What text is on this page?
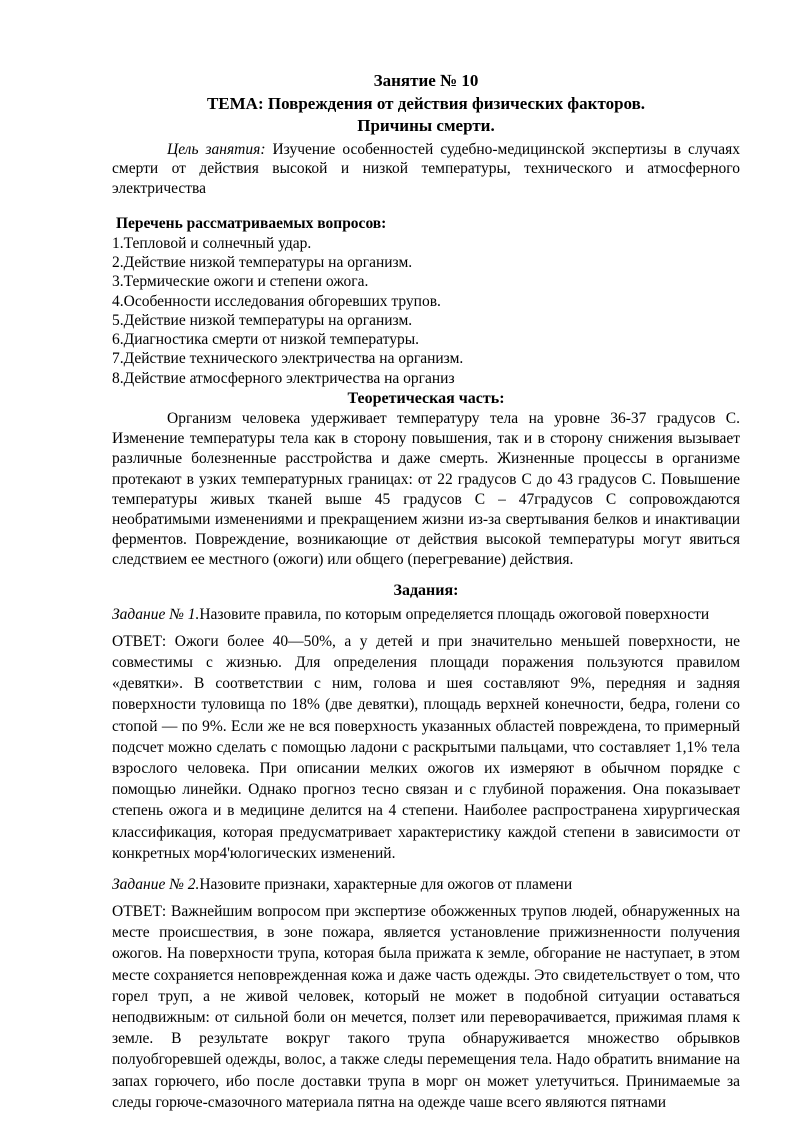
Занятие № 10
ТЕМА: Повреждения от действия физических факторов.
Причины смерти.

Цель занятия: Изучение особенностей судебно-медицинской экспертизы в случаях смерти от действия высокой и низкой температуры, технического и атмосферного электричества

Перечень рассматриваемых вопросов:
1.Тепловой и солнечный удар.
2.Действие низкой температуры на организм.
3.Термические ожоги и степени ожога.
4.Особенности исследования обгоревших трупов.
5.Действие низкой температуры на организм.
6.Диагностика смерти от низкой температуры.
7.Действие технического электричества на организм.
8.Действие атмосферного электричества на организ
Теоретическая часть:

Организм человека удерживает температуру тела на уровне 36-37 градусов С. Изменение температуры тела как в сторону повышения, так и в сторону снижения вызывает различные болезненные расстройства и даже смерть. Жизненные процессы в организме протекают в узких температурных границах: от 22 градусов С до 43 градусов С. Повышение температуры живых тканей выше 45 градусов С – 47градусов С сопровождаются необратимыми изменениями и прекращением жизни из-за свертывания белков и инактивации ферментов. Повреждение, возникающие от действия высокой температуры могут явиться следствием ее местного (ожоги) или общего (перегревание) действия.

Задания:

Задание № 1.Назовите правила, по которым определяется площадь ожоговой поверхности

ОТВЕТ: Ожоги более 40—50%, а у детей и при значительно меньшей поверхности, не совместимы с жизнью. Для определения площади поражения пользуются правилом «девятки». В соответствии с ним, голова и шея составляют 9%, передняя и задняя поверхности туловища по 18% (две девятки), площадь верхней конечности, бедра, голени со стопой — по 9%. Если же не вся поверхность указанных областей повреждена, то примерный подсчет можно сделать с помощью ладони с раскрытыми пальцами, что составляет 1,1% тела взрослого человека. При описании мелких ожогов их измеряют в обычном порядке с помощью линейки. Однако прогноз тесно связан и с глубиной поражения. Она показывает степень ожога и в медицине делится на 4 степени. Наиболее распространена хирургическая классификация, которая предусматривает характеристику каждой степени в зависимости от конкретных мор4'юлогических изменений.

Задание № 2.Назовите признаки, характерные для ожогов от пламени

ОТВЕТ: Важнейшим вопросом при экспертизе обожженных трупов людей, обнаруженных на месте происшествия, в зоне пожара, является установление прижизненности получения ожогов. На поверхности трупа, которая была прижата к земле, обгорание не наступает, в этом месте сохраняется неповрежденная кожа и даже часть одежды. Это свидетельствует о том, что горел труп, а не живой человек, который не может в подобной ситуации оставаться неподвижным: от сильной боли он мечется, ползет или переворачивается, прижимая пламя к земле. В результате вокруг такого трупа обнаруживается множество обрывков полуобгоревшей одежды, волос, а также следы перемещения тела. Надо обратить внимание на запах горючего, ибо после доставки трупа в морг он может улетучиться. Принимаемые за следы горюче-смазочного материала пятна на одежде чаше всего являются пятнами
